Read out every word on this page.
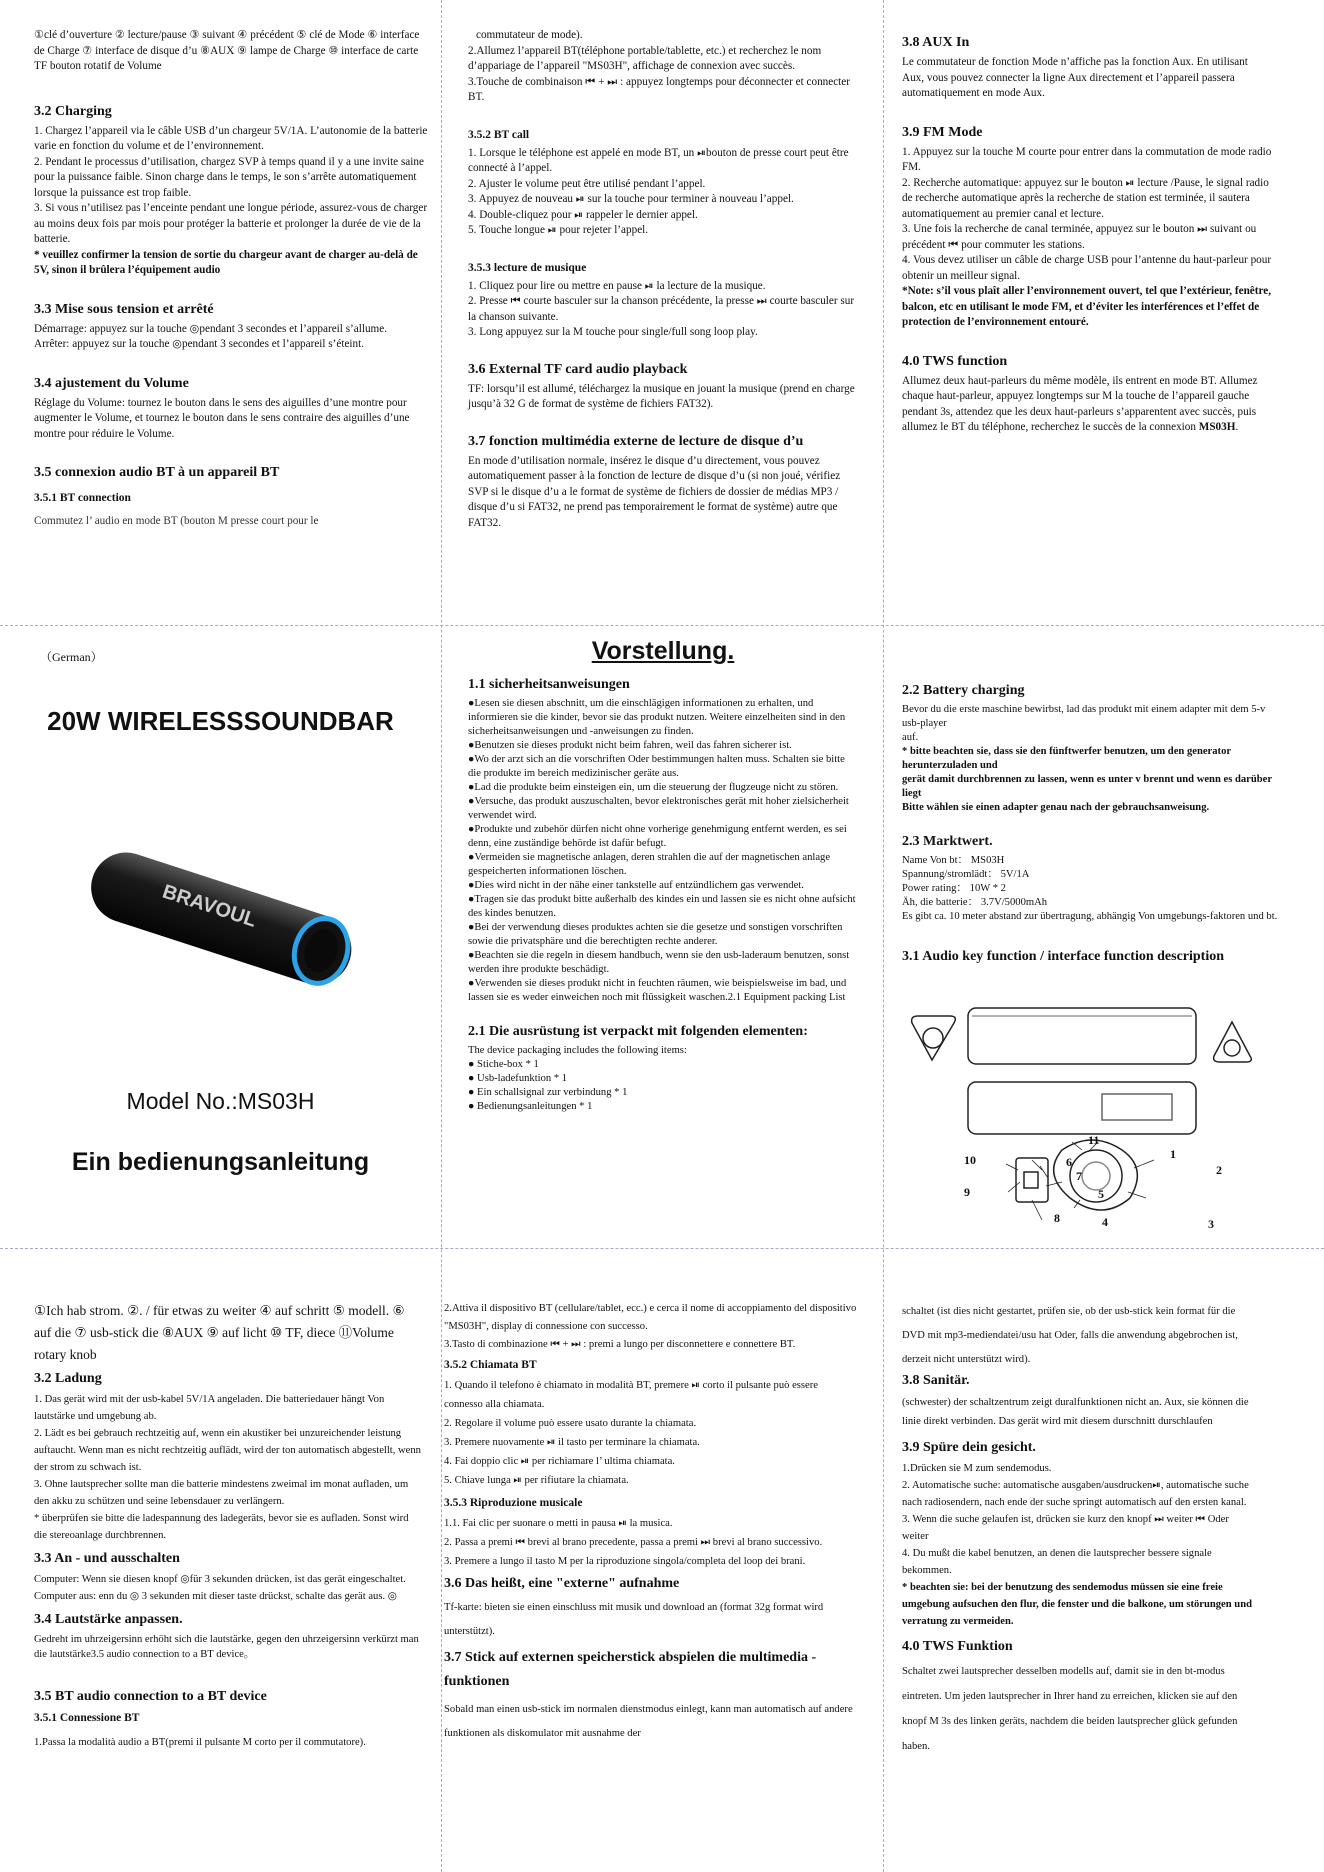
①clé d’ouverture ② lecture/pause ③ suivant ④ précédent ⑤ clé de Mode ⑥ interface de Charge ⑦ interface de disque d’u ⑧AUX ⑨ lampe de Charge ⑩ interface de carte TF bouton rotatif de Volume

3.2 Charging

1. Chargez l’appareil via le câble USB d’un chargeur 5V/1A. L’autonomie de la batterie varie en fonction du volume et de l’environnement.

2. Pendant le processus d’utilisation, chargez SVP à temps quand il y a une invite saine pour la puissance faible. Sinon charge dans le temps, le son s’arrête automatiquement lorsque la puissance est trop faible.

3. Si vous n’utilisez pas l’enceinte pendant une longue période, assurez-vous de charger au moins deux fois par mois pour protéger la batterie et prolonger la durée de vie de la batterie.

* veuillez confirmer la tension de sortie du chargeur avant de charger au-delà de 5V, sinon il brûlera l’équipement audio

3.3 Mise sous tension et arrêté

Démarrage: appuyez sur la touche ◎pendant 3 secondes et l’appareil s’allume.

Arrêter: appuyez sur la touche ◎pendant 3 secondes et l’appareil s’éteint.

3.4 ajustement du Volume

Réglage du Volume: tournez le bouton dans le sens des aiguilles d’une montre pour augmenter le Volume, et tournez le bouton dans le sens contraire des aiguilles d’une montre pour réduire le Volume.

3.5 connexion audio BT à un appareil BT
3.5.1 BT connection

Commutez l’ audio en mode BT (bouton M presse court pour le

commutateur de mode).

2.Allumez l’appareil BT(téléphone portable/tablette, etc.) et recherchez le nom d’appariage de l’appareil "MS03H", affichage de connexion avec succès.

3.Touche de combinaison ⏮ + ⏭ : appuyez longtemps pour déconnecter et connecter BT.

3.5.2 BT call

1. Lorsque le téléphone est appelé en mode BT, un ⏯bouton de presse court peut être connecté à l’appel.

2. Ajuster le volume peut être utilisé pendant l’appel.

3. Appuyez de nouveau ⏯ sur la touche pour terminer à nouveau l’appel.

4. Double-cliquez pour ⏯ rappeler le dernier appel.

5. Touche longue ⏯ pour rejeter l’appel.

3.5.3 lecture de musique

1. Cliquez pour lire ou mettre en pause ⏯ la lecture de la musique.

2. Presse ⏮ courte basculer sur la chanson précédente, la presse ⏭ courte basculer sur la chanson suivante.

3. Long appuyez sur la M touche pour single/full song loop play.

3.6 External TF card audio playback

TF: lorsqu’il est allumé, téléchargez la musique en jouant la musique (prend en charge jusqu’à 32 G de format de système de fichiers FAT32).

3.7 fonction multimédia externe de lecture de disque d’u

En mode d’utilisation normale, insérez le disque d’u directement, vous pouvez automatiquement passer à la fonction de lecture de disque d’u (si non joué, vérifiez SVP si le disque d’u a le format de système de fichiers de dossier de médias MP3 / disque d’u si FAT32, ne prend pas temporairement le format de système) autre que FAT32.

3.8 AUX In

Le commutateur de fonction Mode n’affiche pas la fonction Aux. En utilisant Aux, vous pouvez connecter la ligne Aux directement et l’appareil passera automatiquement en mode Aux.

3.9 FM Mode

1. Appuyez sur la touche M courte pour entrer dans la commutation de mode radio FM.

2. Recherche automatique: appuyez sur le bouton ⏯ lecture /Pause, le signal radio de recherche automatique après la recherche de station est terminée, il sautera automatiquement au premier canal et lecture.

3. Une fois la recherche de canal terminée, appuyez sur le bouton ⏭ suivant ou précédent ⏮ pour commuter les stations.

4. Vous devez utiliser un câble de charge USB pour l’antenne du haut-parleur pour obtenir un meilleur signal.

*Note: s’il vous plaît aller l’environnement ouvert, tel que l’extérieur, fenêtre, balcon, etc en utilisant le mode FM, et d’éviter les interférences et l’effet de protection de l’environnement entouré.

4.0 TWS function

Allumez deux haut-parleurs du même modèle, ils entrent en mode BT. Allumez chaque haut-parleur, appuyez longtemps sur M la touche de l’appareil gauche pendant 3s, attendez que les deux haut-parleurs s’apparentent avec succès, puis allumez le BT du téléphone, recherchez le succès de la connexion MS03H.

（German）
20W WIRELESSSOUNDBAR
BRAVOUL
Model No.:MS03H
Ein bedienungsanleitung
Vorstellung.
1.1 sicherheitsanweisungen

●Lesen sie diesen abschnitt, um die einschlägigen informationen zu erhalten, und informieren sie die kinder, bevor sie das produkt nutzen. Weitere einzelheiten sind in den sicherheitsanweisungen und -anweisungen zu finden.

●Benutzen sie dieses produkt nicht beim fahren, weil das fahren sicherer ist.

●Wo der arzt sich an die vorschriften Oder bestimmungen halten muss. Schalten sie bitte die produkte im bereich medizinischer geräte aus.

●Lad die produkte beim einsteigen ein, um die steuerung der flugzeuge nicht zu stören.

●Versuche, das produkt auszuschalten, bevor elektronisches gerät mit hoher zielsicherheit verwendet wird.

●Produkte und zubehör dürfen nicht ohne vorherige genehmigung entfernt werden, es sei denn, eine zuständige behörde ist dafür befugt.

●Vermeiden sie magnetische anlagen, deren strahlen die auf der magnetischen anlage gespeicherten informationen löschen.

●Dies wird nicht in der nähe einer tankstelle auf entzündlichem gas verwendet.

●Tragen sie das produkt bitte außerhalb des kindes ein und lassen sie es nicht ohne aufsicht des kindes benutzen.

●Bei der verwendung dieses produktes achten sie die gesetze und sonstigen vorschriften sowie die privatsphäre und die berechtigten rechte anderer.

●Beachten sie die regeln in diesem handbuch, wenn sie den usb-laderaum benutzen, sonst werden ihre produkte beschädigt.

●Verwenden sie dieses produkt nicht in feuchten räumen, wie beispielsweise im bad, und lassen sie es weder einweichen noch mit flüssigkeit waschen.2.1 Equipment packing List

2.1 Die ausrüstung ist verpackt mit folgenden elementen:

The device packaging includes the following items:

● Stiche-box * 1

● Usb-ladefunktion * 1

● Ein schallsignal zur verbindung * 1

● Bedienungsanleitungen * 1

2.2 Battery charging

Bevor du die erste maschine bewirbst, lad das produkt mit einem adapter mit dem 5-v usb-player

auf.

* bitte beachten sie, dass sie den fünftwerfer benutzen, um den generator herunterzuladen und

gerät damit durchbrennen zu lassen, wenn es unter v brennt und wenn es darüber liegt

Bitte wählen sie einen adapter genau nach der gebrauchsanweisung.

2.3 Marktwert.

Name Von bt： MS03H

Spannung/stromlädt： 5V/1A

Power rating： 10W * 2

Äh, die batterie： 3.7V/5000mAh

Es gibt ca. 10 meter abstand zur übertragung, abhängig Von umgebungs-faktoren und bt.

3.1 Audio key function / interface function description
1
2
3
4
5
6
7
8
9
10
11

①Ich hab strom. ②. / für etwas zu weiter ④ auf schritt ⑤ modell. ⑥ auf die ⑦ usb-stick die ⑧AUX ⑨ auf licht ⑩ TF, diece ⑪Volume rotary knob

3.2 Ladung

1. Das gerät wird mit der usb-kabel 5V/1A angeladen. Die batteriedauer hängt Von lautstärke und umgebung ab.

2. Lädt es bei gebrauch rechtzeitig auf, wenn ein akustiker bei unzureichender leistung auftaucht. Wenn man es nicht rechtzeitig auflädt, wird der ton automatisch abgestellt, wenn der strom zu schwach ist.

3. Ohne lautsprecher sollte man die batterie mindestens zweimal im monat aufladen, um den akku zu schützen und seine lebensdauer zu verlängern.

* überprüfen sie bitte die ladespannung des ladegeräts, bevor sie es aufladen. Sonst wird die stereoanlage durchbrennen.

3.3 An - und ausschalten

Computer: Wenn sie diesen knopf ◎für 3 sekunden drücken, ist das gerät eingeschaltet.

Computer aus: enn du ◎ 3 sekunden mit dieser taste drückst, schalte das gerät aus. ◎

3.4 Lautstärke anpassen.

Gedreht im uhrzeigersinn erhöht sich die lautstärke, gegen den uhrzeigersinn verkürzt man die lautstärke3.5 audio connection to a BT device。

3.5 BT audio connection to a BT device
3.5.1 Connessione BT

1.Passa la modalità audio a BT(premi il pulsante M corto per il commutatore).

2.Attiva il dispositivo BT (cellulare/tablet, ecc.) e cerca il nome di accoppiamento del dispositivo "MS03H", display di connessione con successo.

3.Tasto di combinazione ⏮ + ⏭ : premi a lungo per disconnettere e connettere BT.

3.5.2 Chiamata BT

1. Quando il telefono è chiamato in modalità BT, premere ⏯ corto il pulsante può essere connesso alla chiamata.

2. Regolare il volume può essere usato durante la chiamata.

3. Premere nuovamente ⏯ il tasto per terminare la chiamata.

4. Fai doppio clic ⏯ per richiamare l’ ultima chiamata.

5. Chiave lunga ⏯ per rifiutare la chiamata.

3.5.3 Riproduzione musicale

1.1. Fai clic per suonare o metti in pausa ⏯ la musica.

2. Passa a premi ⏮ brevi al brano precedente, passa a premi ⏭ brevi al brano successivo.

3. Premere a lungo il tasto M per la riproduzione singola/completa del loop dei brani.

3.6 Das heißt, eine "externe" aufnahme

Tf-karte: bieten sie einen einschluss mit musik und download an (format 32g format wird unterstützt).

3.7 Stick auf externen speicherstick abspielen die multimedia -funktionen

Sobald man einen usb-stick im normalen dienstmodus einlegt, kann man automatisch auf andere funktionen als diskomulator mit ausnahme der

schaltet (ist dies nicht gestartet, prüfen sie, ob der usb-stick kein format für die DVD mit mp3-mediendatei/usu hat Oder, falls die anwendung abgebrochen ist, derzeit nicht unterstützt wird).

3.8 Sanitär.

(schwester) der schaltzentrum zeigt duralfunktionen nicht an. Aux, sie können die linie direkt verbinden. Das gerät wird mit diesem durschnitt durschlaufen

3.9 Spüre dein gesicht.

1.Drücken sie M zum sendemodus.

2. Automatische suche: automatische ausgaben/ausdrucken⏯, automatische suche nach radiosendern, nach ende der suche springt automatisch auf den ersten kanal.

3. Wenn die suche gelaufen ist, drücken sie kurz den knopf ⏭ weiter ⏮ Oder weiter

4. Du mußt die kabel benutzen, an denen die lautsprecher bessere signale bekommen.

* beachten sie: bei der benutzung des sendemodus müssen sie eine freie umgebung aufsuchen den flur, die fenster und die balkone, um störungen und verratung zu vermeiden.

4.0 TWS Funktion

Schaltet zwei lautsprecher desselben modells auf, damit sie in den bt-modus eintreten. Um jeden lautsprecher in Ihrer hand zu erreichen, klicken sie auf den knopf M 3s des linken geräts, nachdem die beiden lautsprecher glück gefunden haben.
